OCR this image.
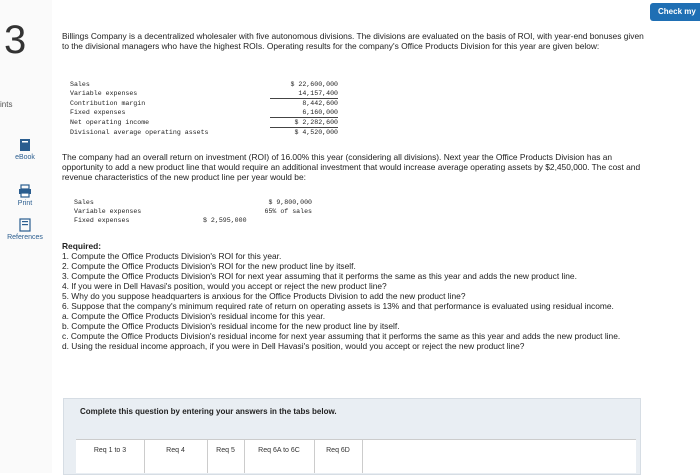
3
ints
eBook
Print
References
Check my
Billings Company is a decentralized wholesaler with five autonomous divisions. The divisions are evaluated on the basis of ROI, with year-end bonuses given to the divisional managers who have the highest ROIs. Operating results for the company's Office Products Division for this year are given below:
Sales	$ 22,600,000
Variable expenses	14,157,400
Contribution margin	8,442,600
Fixed expenses	6,160,000
Net operating income	$ 2,282,600
Divisional average operating assets	$ 4,520,000
The company had an overall return on investment (ROI) of 16.00% this year (considering all divisions). Next year the Office Products Division has an opportunity to add a new product line that would require an additional investment that would increase average operating assets by $2,450,000. The cost and revenue characteristics of the new product line per year would be:
Sales	$ 9,800,000
Variable expenses	65% of sales
Fixed expenses	$ 2,595,000
Required:
1. Compute the Office Products Division's ROI for this year.
2. Compute the Office Products Division's ROI for the new product line by itself.
3. Compute the Office Products Division's ROI for next year assuming that it performs the same as this year and adds the new product line.
4. If you were in Dell Havasi's position, would you accept or reject the new product line?
5. Why do you suppose headquarters is anxious for the Office Products Division to add the new product line?
6. Suppose that the company's minimum required rate of return on operating assets is 13% and that performance is evaluated using residual income.
a. Compute the Office Products Division's residual income for this year.
b. Compute the Office Products Division's residual income for the new product line by itself.
c. Compute the Office Products Division's residual income for next year assuming that it performs the same as this year and adds the new product line.
d. Using the residual income approach, if you were in Dell Havasi's position, would you accept or reject the new product line?
Complete this question by entering your answers in the tabs below.
Req 1 to 3	Req 4	Req 5	Req 6A to 6C	Req 6D
